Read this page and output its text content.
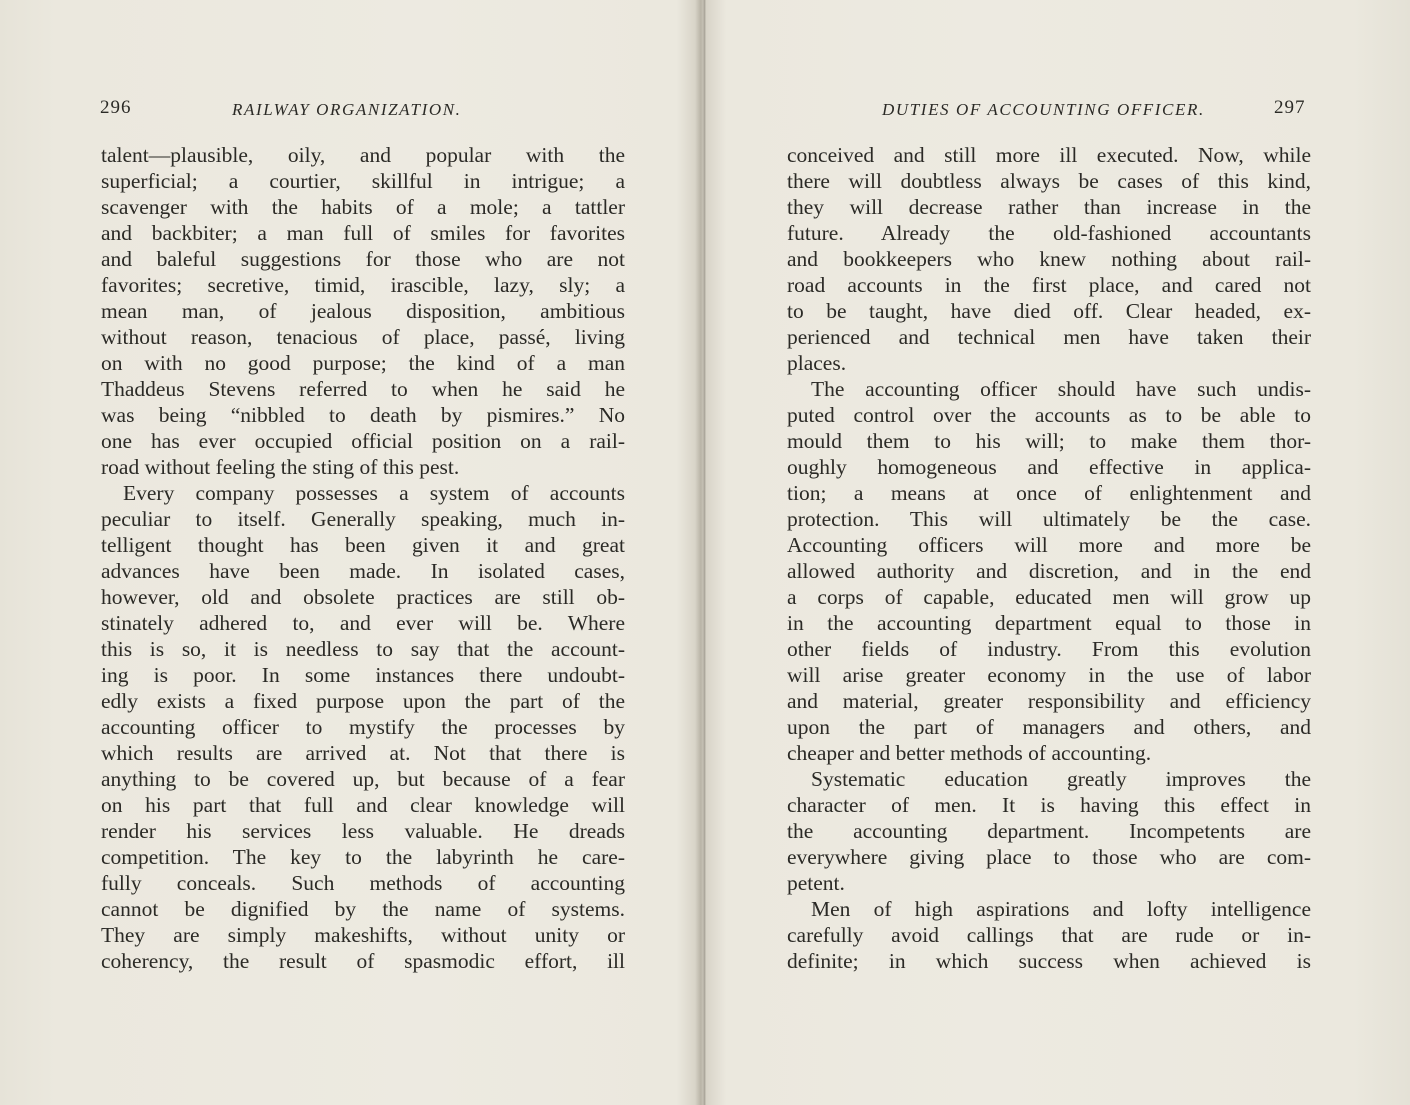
296	RAILWAY ORGANIZATION.
talent—plausible, oily, and popular with the
superficial; a courtier, skillful in intrigue; a
scavenger with the habits of a mole; a tattler
and backbiter; a man full of smiles for favorites
and baleful suggestions for those who are not
favorites; secretive, timid, irascible, lazy, sly; a
mean man, of jealous disposition, ambitious
without reason, tenacious of place, passé, living
on with no good purpose; the kind of a man
Thaddeus Stevens referred to when he said he
was being “nibbled to death by pismires.” No
one has ever occupied official position on a rail-
road without feeling the sting of this pest.
Every company possesses a system of accounts
peculiar to itself. Generally speaking, much in-
telligent thought has been given it and great
advances have been made. In isolated cases,
however, old and obsolete practices are still ob-
stinately adhered to, and ever will be. Where
this is so, it is needless to say that the account-
ing is poor. In some instances there undoubt-
edly exists a fixed purpose upon the part of the
accounting officer to mystify the processes by
which results are arrived at. Not that there is
anything to be covered up, but because of a fear
on his part that full and clear knowledge will
render his services less valuable. He dreads
competition. The key to the labyrinth he care-
fully conceals. Such methods of accounting
cannot be dignified by the name of systems.
They are simply makeshifts, without unity or
coherency, the result of spasmodic effort, ill
DUTIES OF ACCOUNTING OFFICER.	297
conceived and still more ill executed. Now, while
there will doubtless always be cases of this kind,
they will decrease rather than increase in the
future. Already the old-fashioned accountants
and bookkeepers who knew nothing about rail-
road accounts in the first place, and cared not
to be taught, have died off. Clear headed, ex-
perienced and technical men have taken their
places.
The accounting officer should have such undis-
puted control over the accounts as to be able to
mould them to his will; to make them thor-
oughly homogeneous and effective in applica-
tion; a means at once of enlightenment and
protection. This will ultimately be the case.
Accounting officers will more and more be
allowed authority and discretion, and in the end
a corps of capable, educated men will grow up
in the accounting department equal to those in
other fields of industry. From this evolution
will arise greater economy in the use of labor
and material, greater responsibility and efficiency
upon the part of managers and others, and
cheaper and better methods of accounting.
Systematic education greatly improves the
character of men. It is having this effect in
the accounting department. Incompetents are
everywhere giving place to those who are com-
petent.
Men of high aspirations and lofty intelligence
carefully avoid callings that are rude or in-
definite; in which success when achieved is
